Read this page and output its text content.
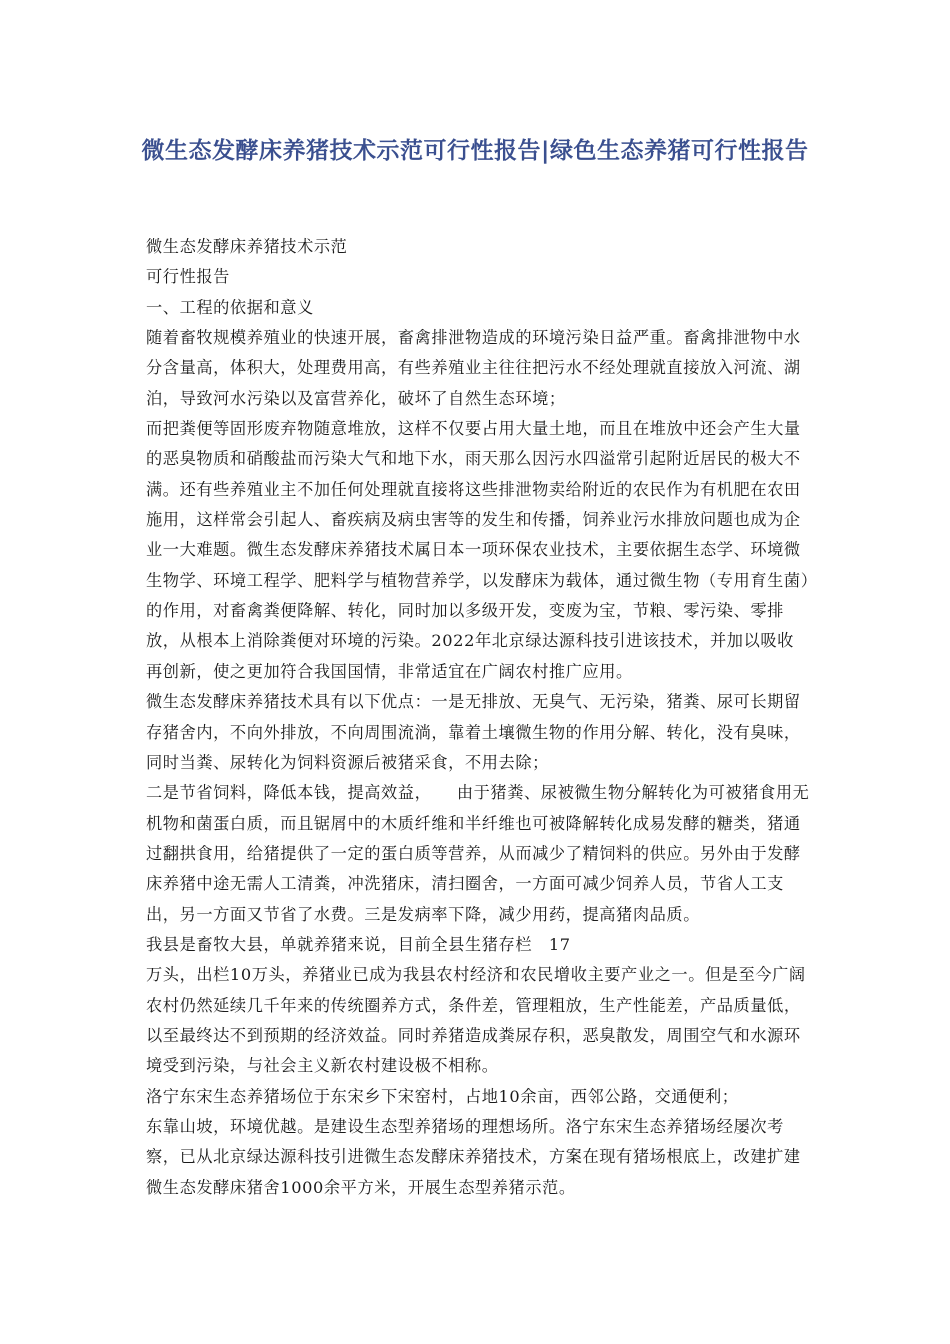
微生态发酵床养猪技术示范可行性报告|绿色生态养猪可行性报告

微生态发酵床养猪技术示范

可行性报告

一、工程的依据和意义

随着畜牧规模养殖业的快速开展，畜禽排泄物造成的环境污染日益严重。畜禽排泄物中水分含量高，体积大，处理费用高，有些养殖业主往往把污水不经处理就直接放入河流、湖泊，导致河水污染以及富营养化，破坏了自然生态环境；

而把粪便等固形废弃物随意堆放，这样不仅要占用大量土地，而且在堆放中还会产生大量的恶臭物质和硝酸盐而污染大气和地下水，雨天那么因污水四溢常引起附近居民的极大不满。还有些养殖业主不加任何处理就直接将这些排泄物卖给附近的农民作为有机肥在农田施用，这样常会引起人、畜疾病及病虫害等的发生和传播，饲养业污水排放问题也成为企业一大难题。微生态发酵床养猪技术属日本一项环保农业技术，主要依据生态学、环境微生物学、环境工程学、肥料学与植物营养学，以发酵床为载体，通过微生物（专用育生菌）的作用，对畜禽粪便降解、转化，同时加以多级开发，变废为宝，节粮、零污染、零排放，从根本上消除粪便对环境的污染。2022年北京绿达源科技引进该技术，并加以吸收再创新，使之更加符合我国国情，非常适宜在广阔农村推广应用。

微生态发酵床养猪技术具有以下优点：一是无排放、无臭气、无污染，猪粪、尿可长期留存猪舍内，不向外排放，不向周围流淌，靠着土壤微生物的作用分解、转化，没有臭味，同时当粪、尿转化为饲料资源后被猪采食，不用去除；

二是节省饲料，降低本钱，提高效益，　　由于猪粪、尿被微生物分解转化为可被猪食用无机物和菌蛋白质，而且锯屑中的木质纤维和半纤维也可被降解转化成易发酵的糖类，猪通过翻拱食用，给猪提供了一定的蛋白质等营养，从而减少了精饲料的供应。另外由于发酵床养猪中途无需人工清粪，冲洗猪床，清扫圈舍，一方面可减少饲养人员，节省人工支出，另一方面又节省了水费。三是发病率下降，减少用药，提高猪肉品质。

我县是畜牧大县，单就养猪来说，目前全县生猪存栏　17

万头，出栏10万头，养猪业已成为我县农村经济和农民增收主要产业之一。但是至今广阔农村仍然延续几千年来的传统圈养方式，条件差，管理粗放，生产性能差，产品质量低，以至最终达不到预期的经济效益。同时养猪造成粪尿存积，恶臭散发，周围空气和水源环境受到污染，与社会主义新农村建设极不相称。

洛宁东宋生态养猪场位于东宋乡下宋窑村，占地10余亩，西邻公路，交通便利；

东靠山坡，环境优越。是建设生态型养猪场的理想场所。洛宁东宋生态养猪场经屡次考察，已从北京绿达源科技引进微生态发酵床养猪技术，方案在现有猪场根底上，改建扩建微生态发酵床猪舍1000余平方米，开展生态型养猪示范。
